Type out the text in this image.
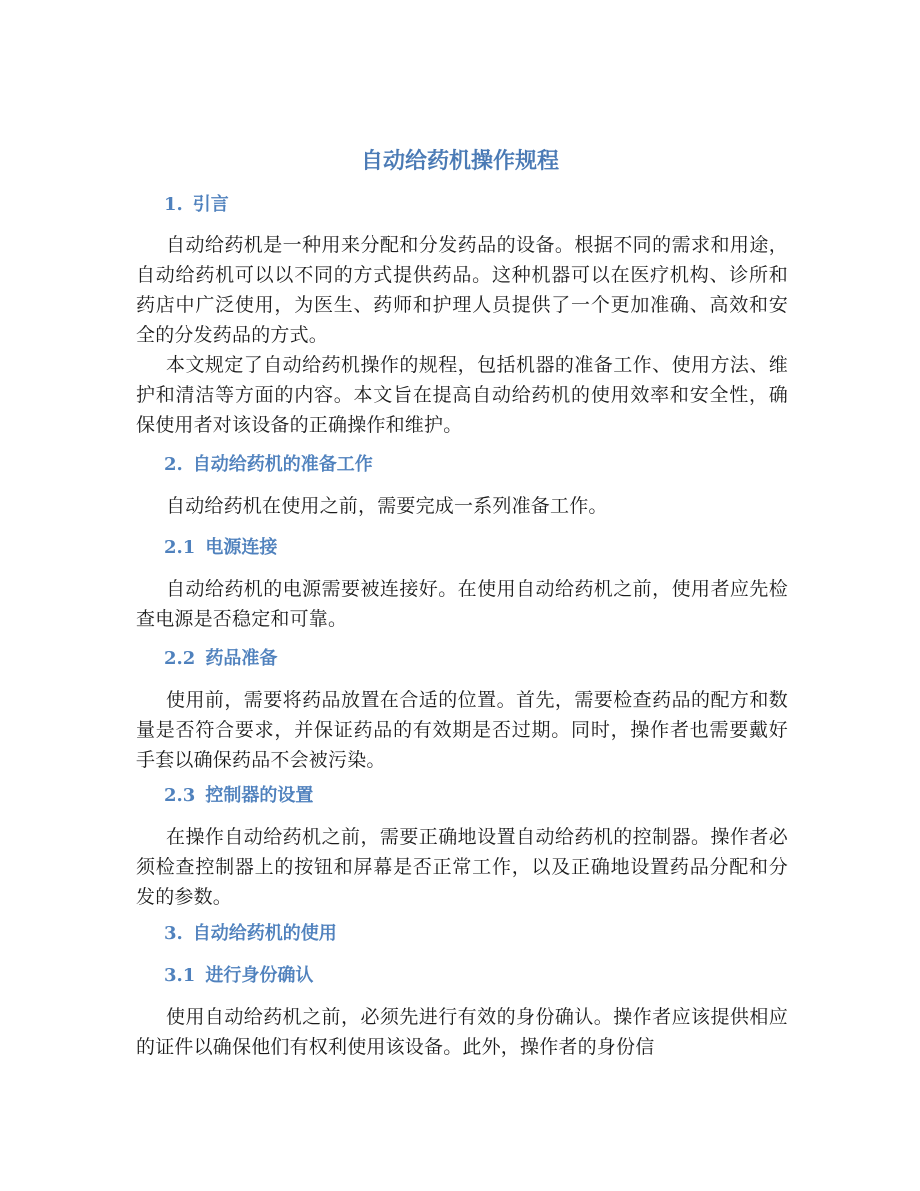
自动给药机操作规程
1. 引言

自动给药机是一种用来分配和分发药品的设备。根据不同的需求和用途，自动给药机可以以不同的方式提供药品。这种机器可以在医疗机构、诊所和药店中广泛使用，为医生、药师和护理人员提供了一个更加准确、高效和安全的分发药品的方式。

本文规定了自动给药机操作的规程，包括机器的准备工作、使用方法、维护和清洁等方面的内容。本文旨在提高自动给药机的使用效率和安全性，确保使用者对该设备的正确操作和维护。

2. 自动给药机的准备工作

自动给药机在使用之前，需要完成一系列准备工作。

2.1 电源连接

自动给药机的电源需要被连接好。在使用自动给药机之前，使用者应先检查电源是否稳定和可靠。

2.2 药品准备

使用前，需要将药品放置在合适的位置。首先，需要检查药品的配方和数量是否符合要求，并保证药品的有效期是否过期。同时，操作者也需要戴好手套以确保药品不会被污染。

2.3 控制器的设置

在操作自动给药机之前，需要正确地设置自动给药机的控制器。操作者必须检查控制器上的按钮和屏幕是否正常工作，以及正确地设置药品分配和分发的参数。

3. 自动给药机的使用
3.1 进行身份确认

使用自动给药机之前，必须先进行有效的身份确认。操作者应该提供相应的证件以确保他们有权利使用该设备。此外，操作者的身份信
